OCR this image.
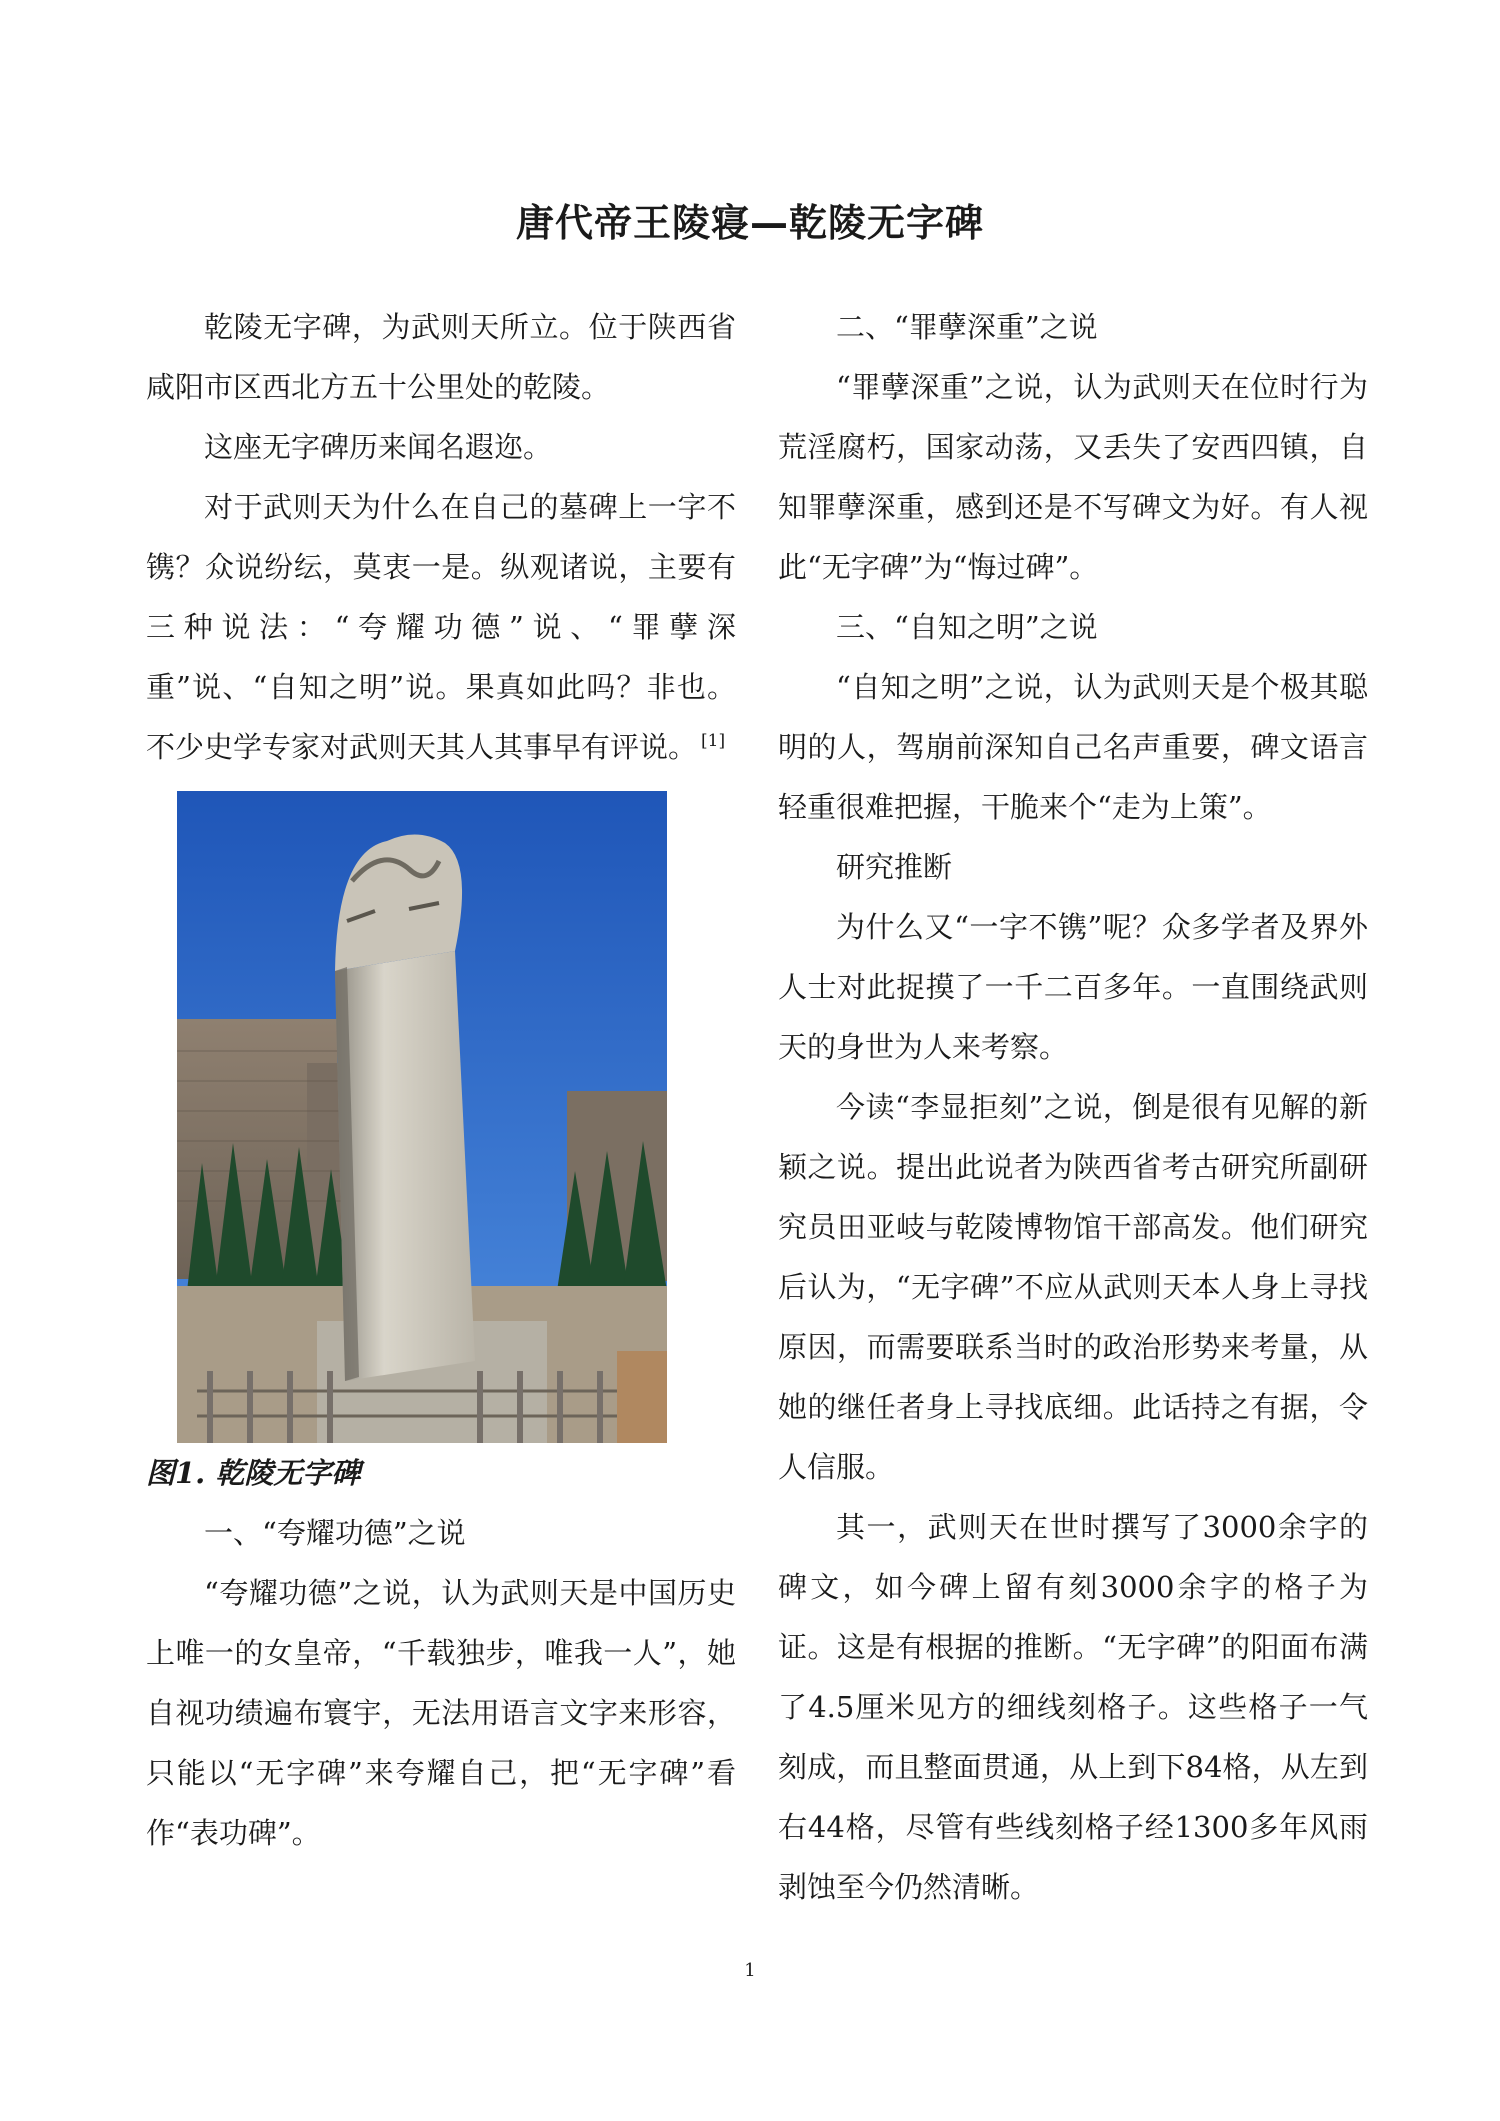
唐代帝王陵寝—乾陵无字碑

乾陵无字碑，为武则天所立。位于陕西省咸阳市区西北方五十公里处的乾陵。

这座无字碑历来闻名遐迩。

对于武则天为什么在自己的墓碑上一字不镌？众说纷纭，莫衷一是。纵观诸说，主要有三种说法：“夸耀功德”说、“罪孽深重”说、“自知之明”说。果真如此吗？非也。不少史学专家对武则天其人其事早有评说。 [1]

图1. 乾陵无字碑

一、“夸耀功德”之说

“夸耀功德”之说，认为武则天是中国历史上唯一的女皇帝，“千载独步，唯我一人”，她自视功绩遍布寰宇，无法用语言文字来形容，只能以“无字碑”来夸耀自己，把“无字碑”看作“表功碑”。

二、“罪孽深重”之说

“罪孽深重”之说，认为武则天在位时行为荒淫腐朽，国家动荡，又丢失了安西四镇，自知罪孽深重，感到还是不写碑文为好。有人视此“无字碑”为“悔过碑”。

三、“自知之明”之说

“自知之明”之说，认为武则天是个极其聪明的人，驾崩前深知自己名声重要，碑文语言轻重很难把握，干脆来个“走为上策”。

研究推断

为什么又“一字不镌”呢？众多学者及界外人士对此捉摸了一千二百多年。一直围绕武则天的身世为人来考察。

今读“李显拒刻”之说，倒是很有见解的新颖之说。提出此说者为陕西省考古研究所副研究员田亚岐与乾陵博物馆干部高发。他们研究后认为，“无字碑”不应从武则天本人身上寻找原因，而需要联系当时的政治形势来考量，从她的继任者身上寻找底细。此话持之有据，令人信服。

其一，武则天在世时撰写了3000余字的碑文，如今碑上留有刻3000余字的格子为证。这是有根据的推断。“无字碑”的阳面布满了4.5厘米见方的细线刻格子。这些格子一气刻成，而且整面贯通，从上到下84格，从左到右44格，尽管有些线刻格子经1300多年风雨剥蚀至今仍然清晰。

1
